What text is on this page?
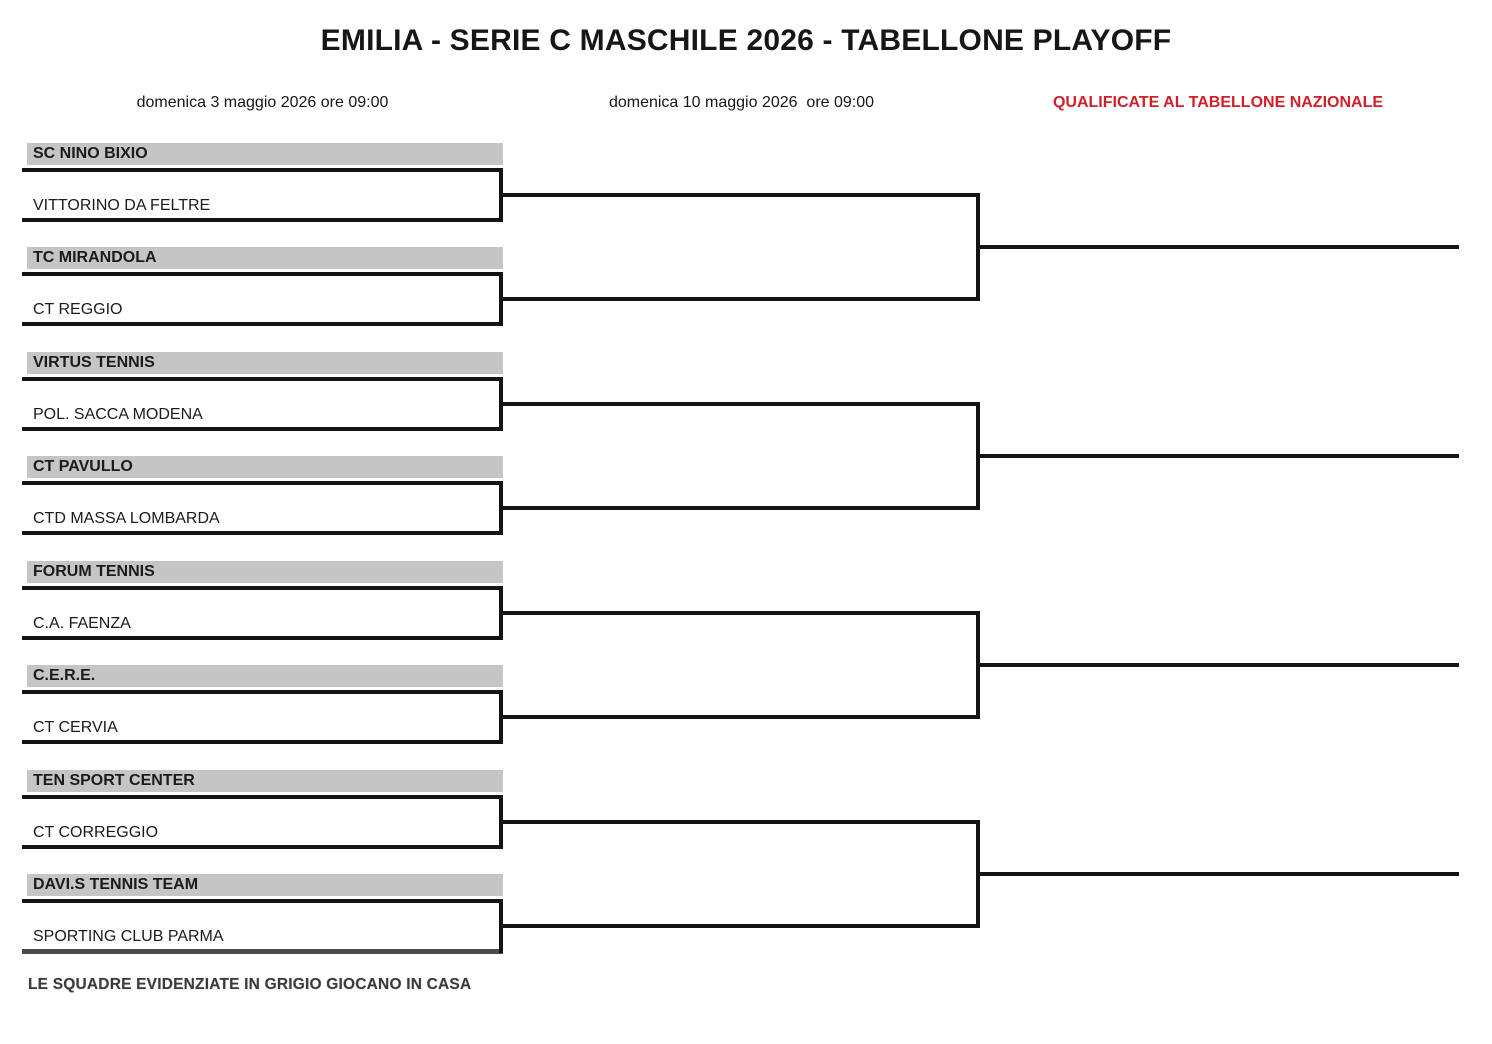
EMILIA - SERIE C MASCHILE 2026 - TABELLONE PLAYOFF
domenica 3 maggio 2026 ore 09:00	domenica 10 maggio 2026  ore 09:00	QUALIFICATE AL TABELLONE NAZIONALE
SC NINO BIXIO
VITTORINO DA FELTRE
TC MIRANDOLA
CT REGGIO
VIRTUS TENNIS
POL. SACCA MODENA
CT PAVULLO
CTD MASSA LOMBARDA
FORUM TENNIS
C.A. FAENZA
C.E.R.E.
CT CERVIA
TEN SPORT CENTER
CT CORREGGIO
DAVI.S TENNIS TEAM
SPORTING CLUB PARMA
LE SQUADRE EVIDENZIATE IN GRIGIO GIOCANO IN CASA
